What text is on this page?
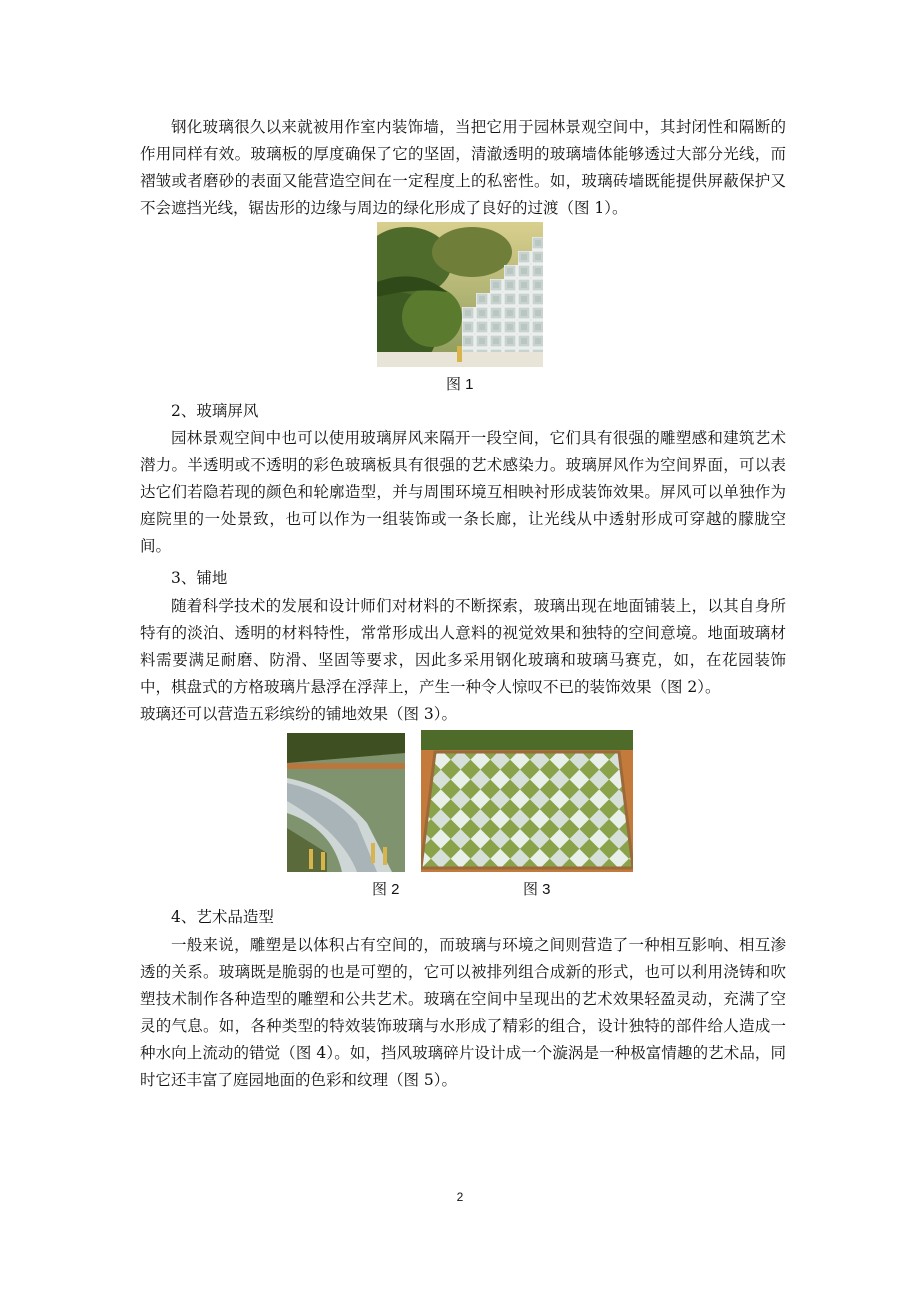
钢化玻璃很久以来就被用作室内装饰墙，当把它用于园林景观空间中，其封闭性和隔断的作用同样有效。玻璃板的厚度确保了它的坚固，清澈透明的玻璃墙体能够透过大部分光线，而褶皱或者磨砂的表面又能营造空间在一定程度上的私密性。如，玻璃砖墙既能提供屏蔽保护又不会遮挡光线，锯齿形的边缘与周边的绿化形成了良好的过渡（图 1）。

图 1
2、玻璃屏风

园林景观空间中也可以使用玻璃屏风来隔开一段空间，它们具有很强的雕塑感和建筑艺术潜力。半透明或不透明的彩色玻璃板具有很强的艺术感染力。玻璃屏风作为空间界面，可以表达它们若隐若现的颜色和轮廓造型，并与周围环境互相映衬形成装饰效果。屏风可以单独作为庭院里的一处景致，也可以作为一组装饰或一条长廊，让光线从中透射形成可穿越的朦胧空间。

3、铺地

随着科学技术的发展和设计师们对材料的不断探索，玻璃出现在地面铺装上，以其自身所特有的淡泊、透明的材料特性，常常形成出人意料的视觉效果和独特的空间意境。地面玻璃材料需要满足耐磨、防滑、坚固等要求，因此多采用钢化玻璃和玻璃马赛克，如，在花园装饰中，棋盘式的方格玻璃片悬浮在浮萍上，产生一种令人惊叹不已的装饰效果（图 2）。

玻璃还可以营造五彩缤纷的铺地效果（图 3）。

图 2	图 3
4、艺术品造型

一般来说，雕塑是以体积占有空间的，而玻璃与环境之间则营造了一种相互影响、相互渗透的关系。玻璃既是脆弱的也是可塑的，它可以被排列组合成新的形式，也可以利用浇铸和吹塑技术制作各种造型的雕塑和公共艺术。玻璃在空间中呈现出的艺术效果轻盈灵动，充满了空灵的气息。如，各种类型的特效装饰玻璃与水形成了精彩的组合，设计独特的部件给人造成一种水向上流动的错觉（图 4）。如，挡风玻璃碎片设计成一个漩涡是一种极富情趣的艺术品，同时它还丰富了庭园地面的色彩和纹理（图 5）。

2
